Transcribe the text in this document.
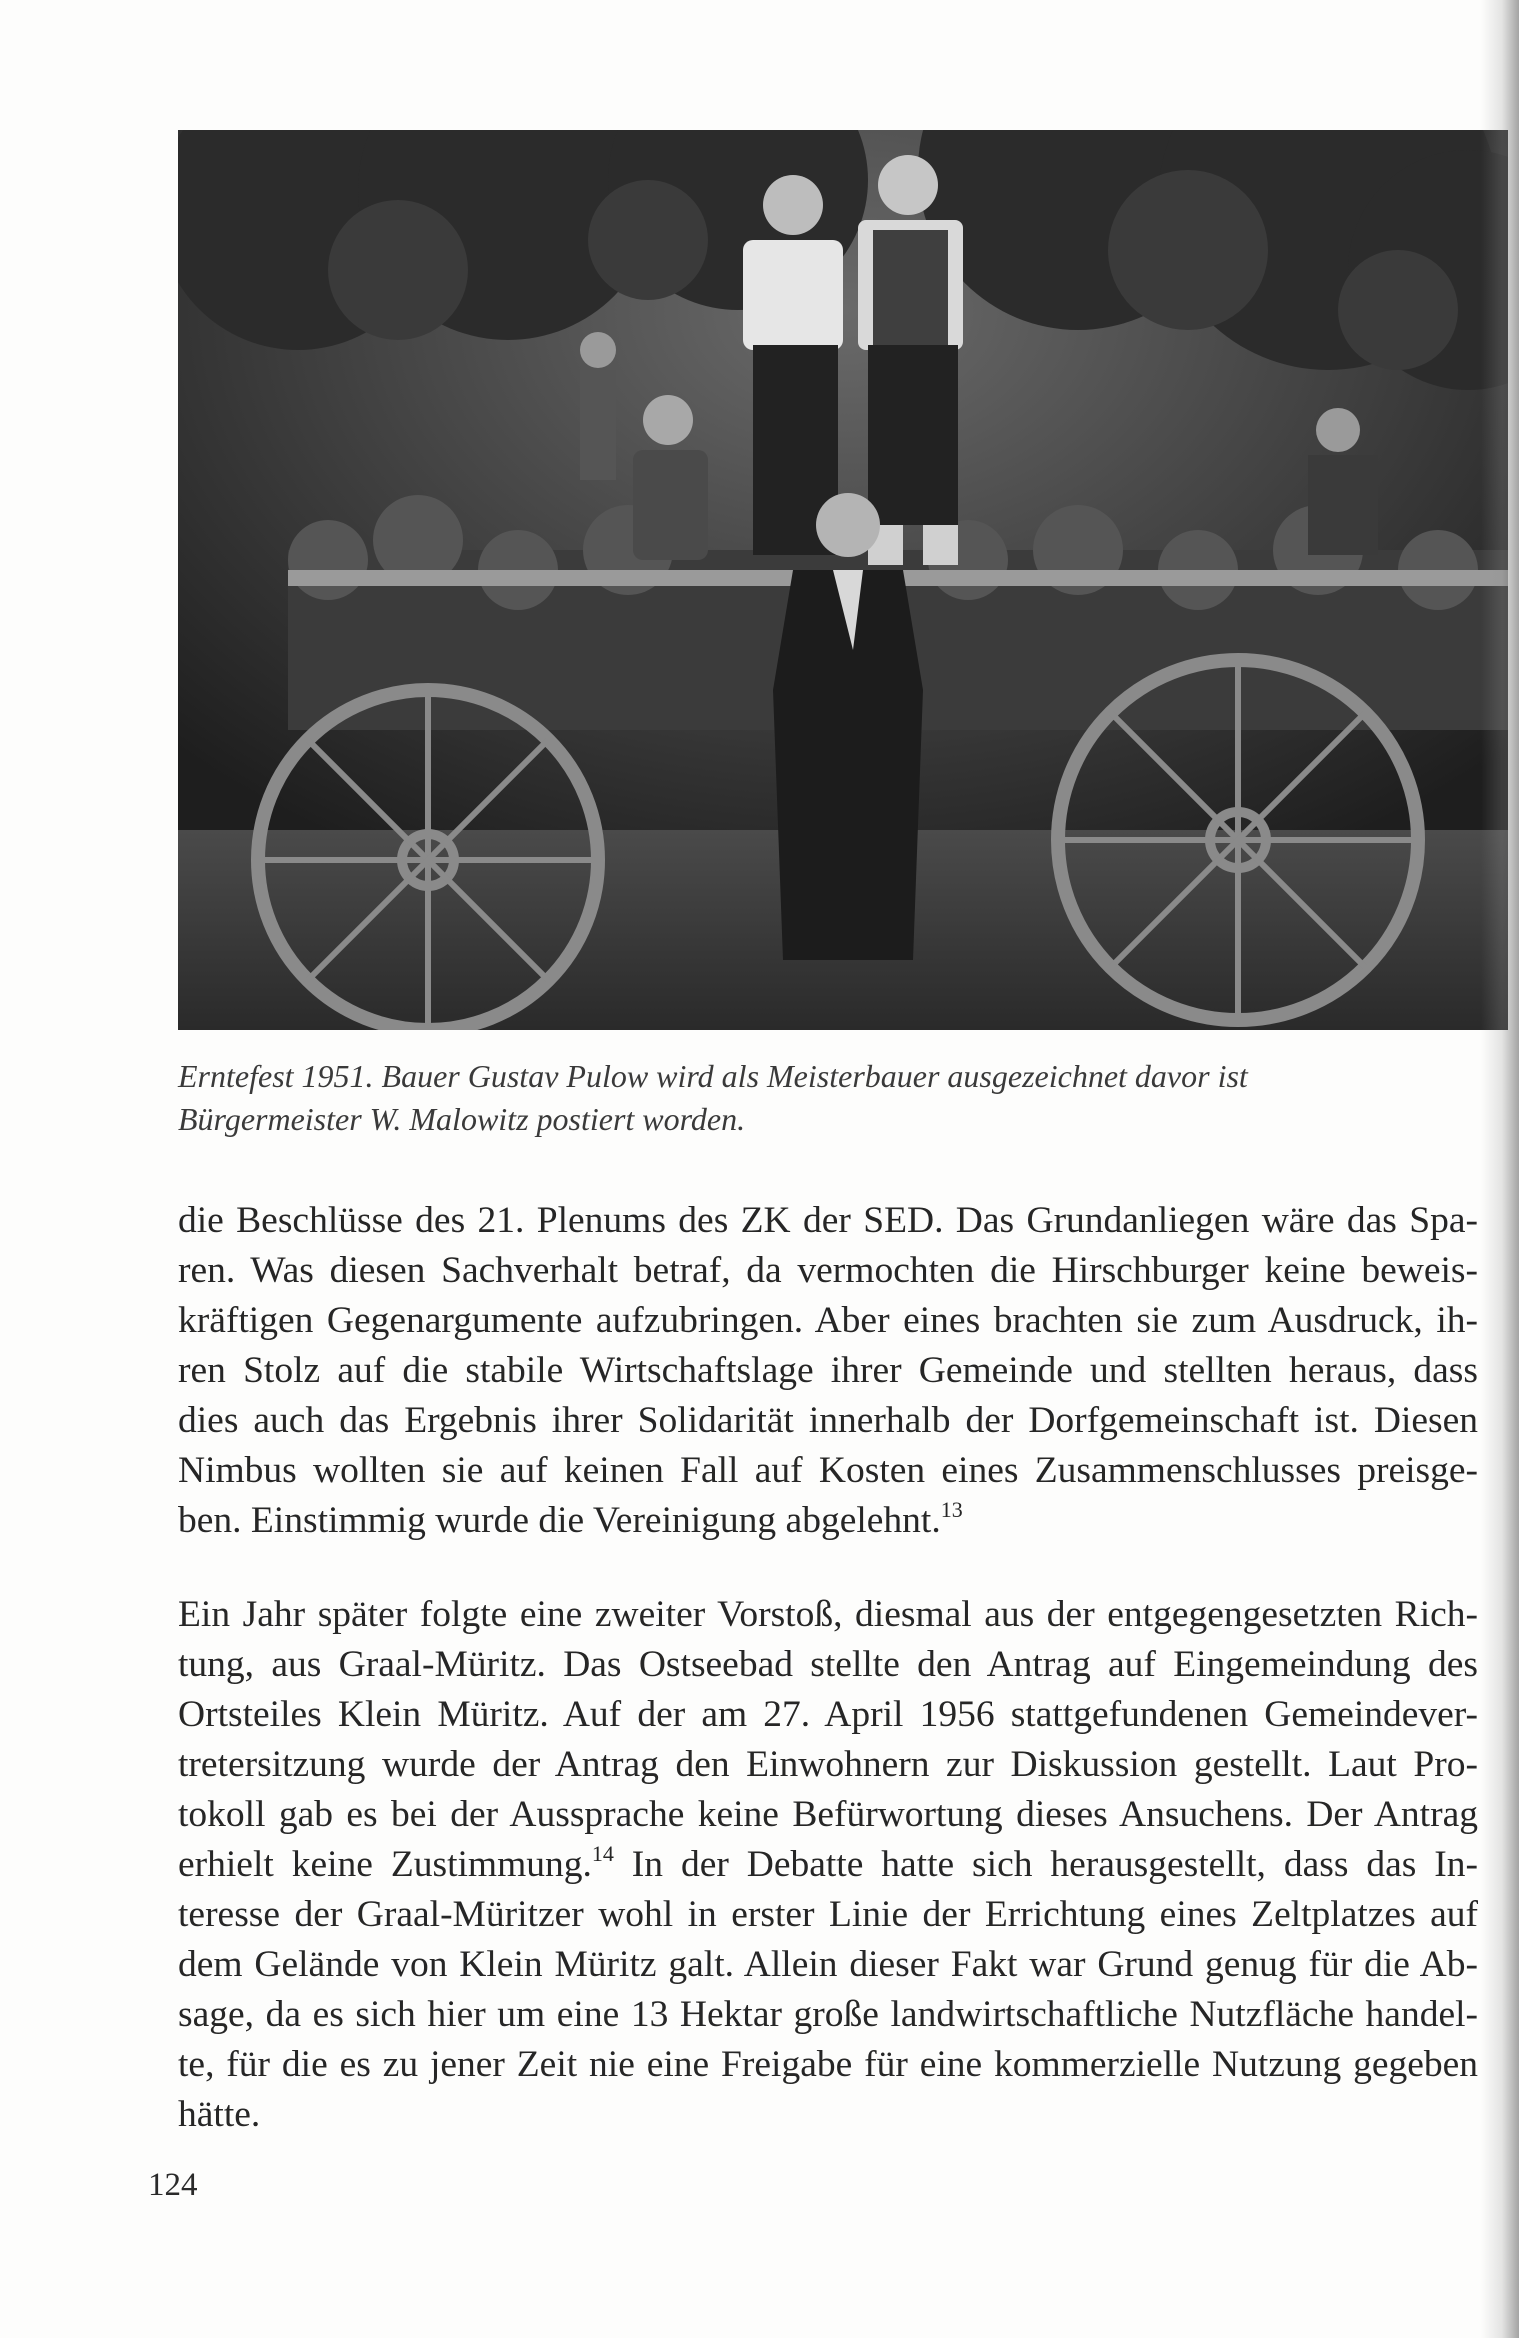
Erntefest 1951. Bauer Gustav Pulow wird als Meisterbauer ausgezeichnet davor ist

Bürgermeister W. Malowitz postiert worden.

die Beschlüsse des 21. Plenums des ZK der SED. Das Grundanliegen wäre das Spa-
ren. Was diesen Sachverhalt betraf, da vermochten die Hirschburger keine beweis-
kräftigen Gegenargumente aufzubringen. Aber eines brachten sie zum Ausdruck, ih-
ren Stolz auf die stabile Wirtschaftslage ihrer Gemeinde und stellten heraus, dass
dies auch das Ergebnis ihrer Solidarität innerhalb der Dorfgemeinschaft ist. Diesen
Nimbus wollten sie auf keinen Fall auf Kosten eines Zusammenschlusses preisge-
ben. Einstimmig wurde die Vereinigung abgelehnt.$^{13}$
Ein Jahr später folgte eine zweiter Vorstoß, diesmal aus der entgegengesetzten Rich-
tung, aus Graal-Müritz. Das Ostseebad stellte den Antrag auf Eingemeindung des
Ortsteiles Klein Müritz. Auf der am 27. April 1956 stattgefundenen Gemeindever-
tretersitzung wurde der Antrag den Einwohnern zur Diskussion gestellt. Laut Pro-
tokoll gab es bei der Aussprache keine Befürwortung dieses Ansuchens. Der Antrag
erhielt keine Zustimmung.$^{14}$ In der Debatte hatte sich herausgestellt, dass das In-
teresse der Graal-Müritzer wohl in erster Linie der Errichtung eines Zeltplatzes auf
dem Gelände von Klein Müritz galt. Allein dieser Fakt war Grund genug für die Ab-
sage, da es sich hier um eine 13 Hektar große landwirtschaftliche Nutzfläche handel-
te, für die es zu jener Zeit nie eine Freigabe für eine kommerzielle Nutzung gegeben
hätte.
124
